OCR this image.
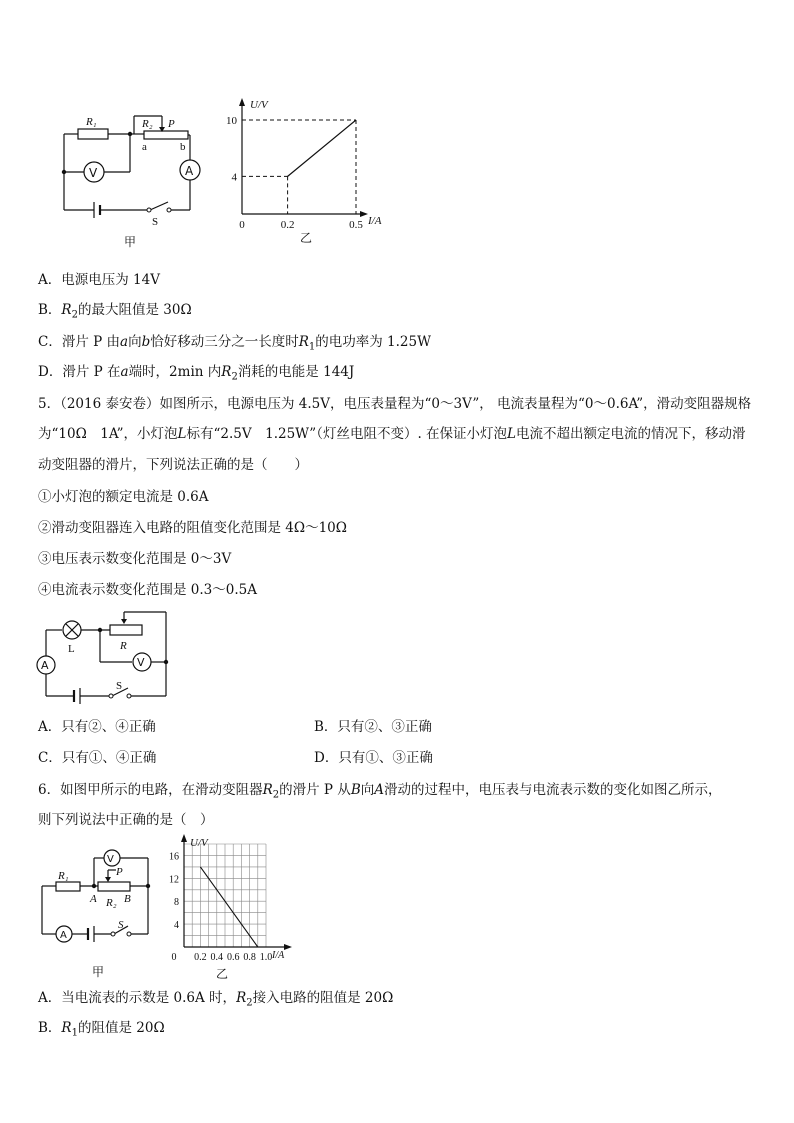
R₁	R₂ P
a	b
V	A
S
甲
4
10
0	0.2	0.5
U/V
I/A
乙
A．电源电压为 14V
B．$R_2$的最大阻值是 30Ω
C．滑片 P 由a向b恰好移动三分之一长度时$R_1$的电功率为 1.25W
D．滑片 P 在a端时，2min 内$R_2$消耗的电能是 144J
5．（2016 泰安卷）如图所示，电源电压为 4.5V，电压表量程为“0～3V”， 电流表量程为“0～0.6A”，滑动变阻器规格
为“10Ω　1A”，小灯泡L标有“2.5V　1.25W”（灯丝电阻不变）. 在保证小灯泡L电流不超出额定电流的情况下，移动滑
动变阻器的滑片，下列说法正确的是（　　）
①小灯泡的额定电流是 0.6A
②滑动变阻器连入电路的阻值变化范围是 4Ω～10Ω
③电压表示数变化范围是 0～3V
④电流表示数变化范围是 0.3～0.5A
L	R
V
A
S
A．只有②、④正确	B．只有②、③正确
C．只有①、④正确	D．只有①、③正确
6．如图甲所示的电路，在滑动变阻器$R_2$的滑片 P 从B向A滑动的过程中，电压表与电流表示数的变化如图乙所示，
则下列说法中正确的是（　）
V
R₁	P
A R₂ B
A
S
甲
16
12
8
4
0 0.2 0.4 0.6 0.8 1.0
U/V
I/A
乙
A．当电流表的示数是 0.6A 时，$R_2$接入电路的阻值是 20Ω
B．$R_1$的阻值是 20Ω
